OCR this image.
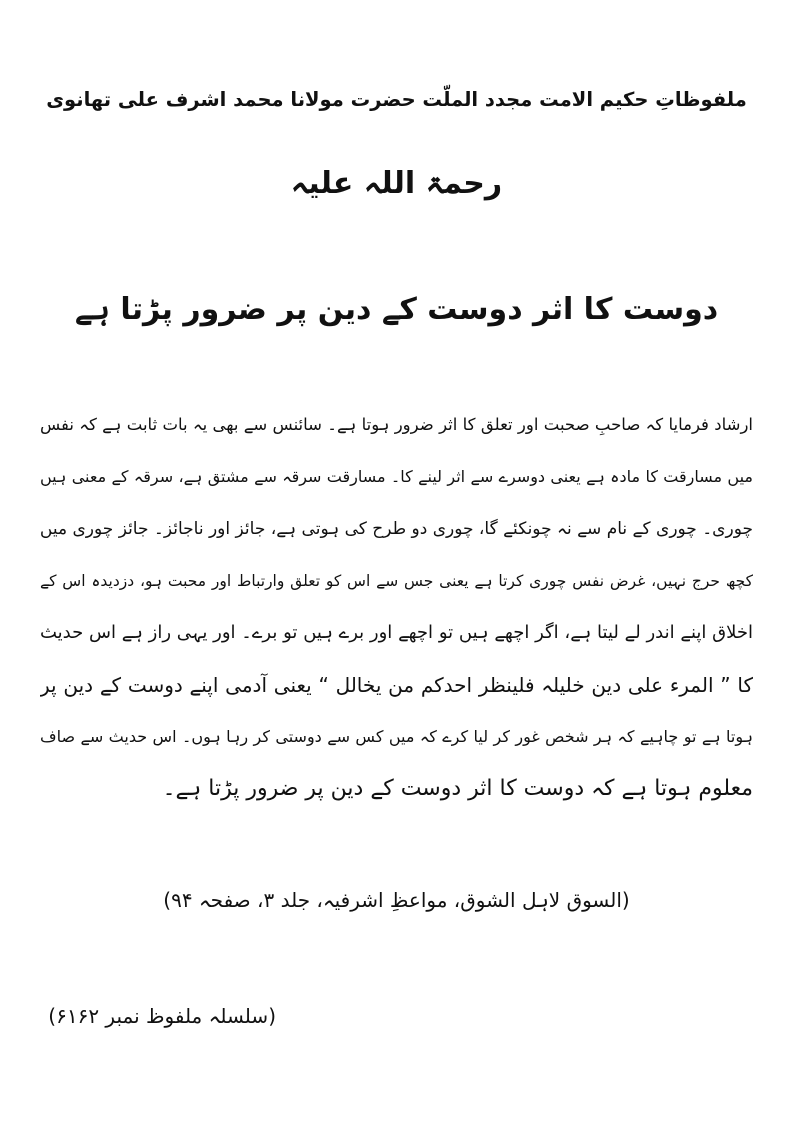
ملفوظاتِ حکیم الامت مجدد الملّت حضرت مولانا محمد اشرف علی تھانوی
رحمۃ اللہ علیہ
دوست کا اثر دوست کے دین پر ضرور پڑتا ہے
ارشاد فرمایا کہ صاحبِ صحبت اور تعلق کا اثر ضرور ہوتا ہے۔ سائنس سے بھی یہ بات ثابت ہے کہ نفس
میں مسارقت کا مادہ ہے یعنی دوسرے سے اثر لینے کا۔ مسارقت سرقہ سے مشتق ہے، سرقہ کے معنی ہیں
چوری۔ چوری کے نام سے نہ چونکئے گا، چوری دو طرح کی ہوتی ہے، جائز اور ناجائز۔ جائز چوری میں
کچھ حرج نہیں، غرض نفس چوری کرتا ہے یعنی جس سے اس کو تعلق وارتباط اور محبت ہو، دزدیدہ اس کے
اخلاق اپنے اندر لے لیتا ہے، اگر اچھے ہیں تو اچھے اور برے ہیں تو برے۔ اور یہی راز ہے اس حدیث
کا ” المرء علی دین خلیلہ فلینظر احدکم من یخالل “ یعنی آدمی اپنے دوست کے دین پر
ہوتا ہے تو چاہیے کہ ہر شخص غور کر لیا کرے کہ میں کس سے دوستی کر رہا ہوں۔ اس حدیث سے صاف
معلوم ہوتا ہے کہ دوست کا اثر دوست کے دین پر ضرور پڑتا ہے۔
(السوق لاہل الشوق، مواعظِ اشرفیہ، جلد ۳، صفحہ ۹۴)
(سلسلہ ملفوظ نمبر ۶۱۶۲)
